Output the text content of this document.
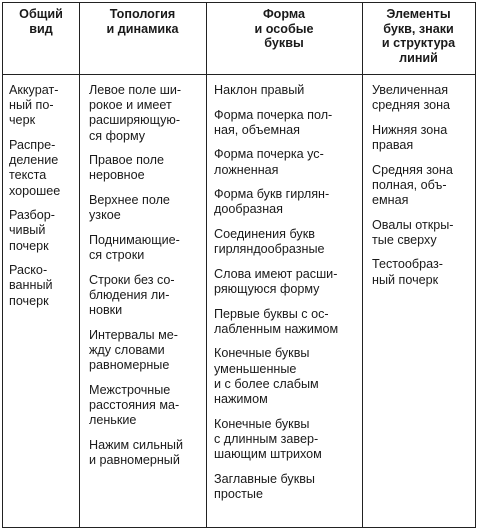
Общий
вид
Топология
и динамика
Форма
и особые
буквы
Элементы
букв, знаки
и структура
линий
Аккурат-
ный по-
черк
Распре-
деление
текста
хорошее
Разбор-
чивый
почерк
Раско-
ванный
почерк
Левое поле ши-
рокое и имеет
расширяющую-
ся форму
Правое поле
неровное
Верхнее поле
узкое
Поднимающие-
ся строки
Строки без со-
блюдения ли-
новки
Интервалы ме-
жду словами
равномерные
Межстрочные
расстояния ма-
ленькие
Нажим сильный
и равномерный
Наклон правый
Форма почерка пол-
ная, объемная
Форма почерка ус-
ложненная
Форма букв гирлян-
дообразная
Соединения букв
гирляндообразные
Слова имеют расши-
ряющуюся форму
Первые буквы с ос-
лабленным нажимом
Конечные буквы
уменьшенные
и с более слабым
нажимом
Конечные буквы
с длинным завер-
шающим штрихом
Заглавные буквы
простые
Увеличенная
средняя зона
Нижняя зона
правая
Средняя зона
полная, объ-
емная
Овалы откры-
тые сверху
Тестообраз-
ный почерк
